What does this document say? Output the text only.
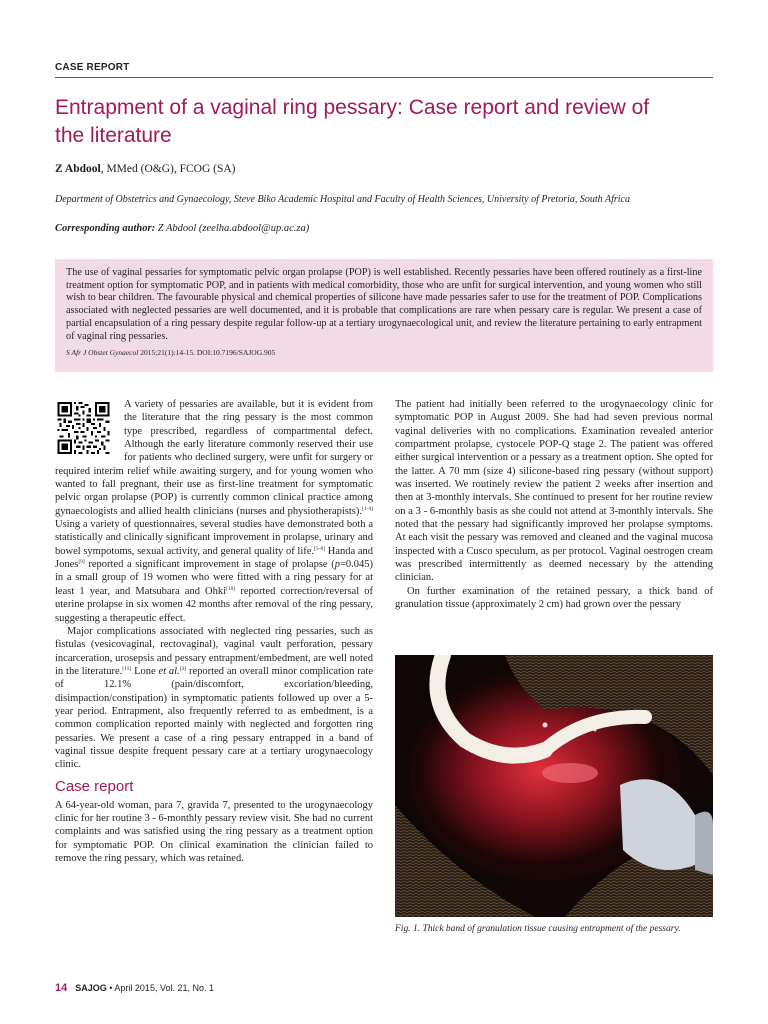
CASE REPORT
Entrapment of a vaginal ring pessary: Case report and review of the literature
Z Abdool, MMed (O&G), FCOG (SA)
Department of Obstetrics and Gynaecology, Steve Biko Academic Hospital and Faculty of Health Sciences, University of Pretoria, South Africa
Corresponding author: Z Abdool (zeelha.abdool@up.ac.za)
The use of vaginal pessaries for symptomatic pelvic organ prolapse (POP) is well established. Recently pessaries have been offered routinely as a first-line treatment option for symptomatic POP, and in patients with medical comorbidity, those who are unfit for surgical intervention, and young women who still wish to bear children. The favourable physical and chemical properties of silicone have made pessaries safer to use for the treatment of POP. Complications associated with neglected pessaries are well documented, and it is probable that complications are rare when pessary care is regular. We present a case of partial encapsulation of a ring pessary despite regular follow-up at a tertiary urogynaecological unit, and review the literature pertaining to early entrapment of vaginal ring pessaries.
S Afr J Obstet Gynaecol 2015;21(1):14-15. DOI:10.7196/SAJOG.905

A variety of pessaries are available, but it is evident from the literature that the ring pessary is the most common type prescribed, regardless of compartmental defect. Although the early literature commonly reserved their use for patients who declined surgery, were unfit for surgery or required interim relief while awaiting surgery, and for young women who wanted to fall pregnant, their use as first-line treatment for symptomatic pelvic organ prolapse (POP) is currently common clinical practice among gynaecologists and allied health clinicians (nurses and physiotherapists).[1-4] Using a variety of questionnaires, several studies have demonstrated both a statistically and clinically significant improvement in prolapse, urinary and bowel sympotoms, sexual activity, and general quality of life.[5-8] Handa and Jones[9] reported a significant improvement in stage of prolapse (p=0.045) in a small group of 19 women who were fitted with a ring pessary for at least 1 year, and Matsubara and Ohki[10] reported correction/reversal of uterine prolapse in six women 42 months after removal of the ring pessary, suggesting a therapeutic effect.

Major complications associated with neglected ring pessaries, such as fistulas (vesicovaginal, rectovaginal), vaginal vault perforation, pessary incarceration, urosepsis and pessary entrapment/embedment, are well noted in the literature.[11] Lone et al.[3] reported an overall minor complication rate of 12.1% (pain/discomfort, excoriation/bleeding, disimpaction/constipation) in symptomatic patients followed up over a 5-year period. Entrapment, also frequently referred to as embedment, is a common complication reported mainly with neglected and forgotten ring pessaries. We present a case of a ring pessary entrapped in a band of vaginal tissue despite frequent pessary care at a tertiary urogynaecology clinic.

Case report

A 64-year-old woman, para 7, gravida 7, presented to the urogynaecology clinic for her routine 3 - 6-monthly pessary review visit. She had no current complaints and was satisfied using the ring pessary as a treatment option for symptomatic POP. On clinical examination the clinician failed to remove the ring pessary, which was retained.

The patient had initially been referred to the urogynaecology clinic for symptomatic POP in August 2009. She had had seven previous normal vaginal deliveries with no complications. Examination revealed anterior compartment prolapse, cystocele POP-Q stage 2. The patient was offered either surgical intervention or a pessary as a treatment option. She opted for the latter. A 70 mm (size 4) silicone-based ring pessary (without support) was inserted. We routinely review the patient 2 weeks after insertion and then at 3-monthly intervals. She continued to present for her routine review on a 3 - 6-monthly basis as she could not attend at 3-monthly intervals. She noted that the pessary had significantly improved her prolapse symptoms. At each visit the pessary was removed and cleaned and the vaginal mucosa inspected with a Cusco speculum, as per protocol. Vaginal oestrogen cream was prescribed intermittently as deemed necessary by the attending clinician.

On further examination of the retained pessary, a thick band of granulation tissue (approximately 2 cm) had grown over the pessary

Fig. 1. Thick band of granulation tissue causing entrapment of the pessary.
14 SAJOG • April 2015, Vol. 21, No. 1
